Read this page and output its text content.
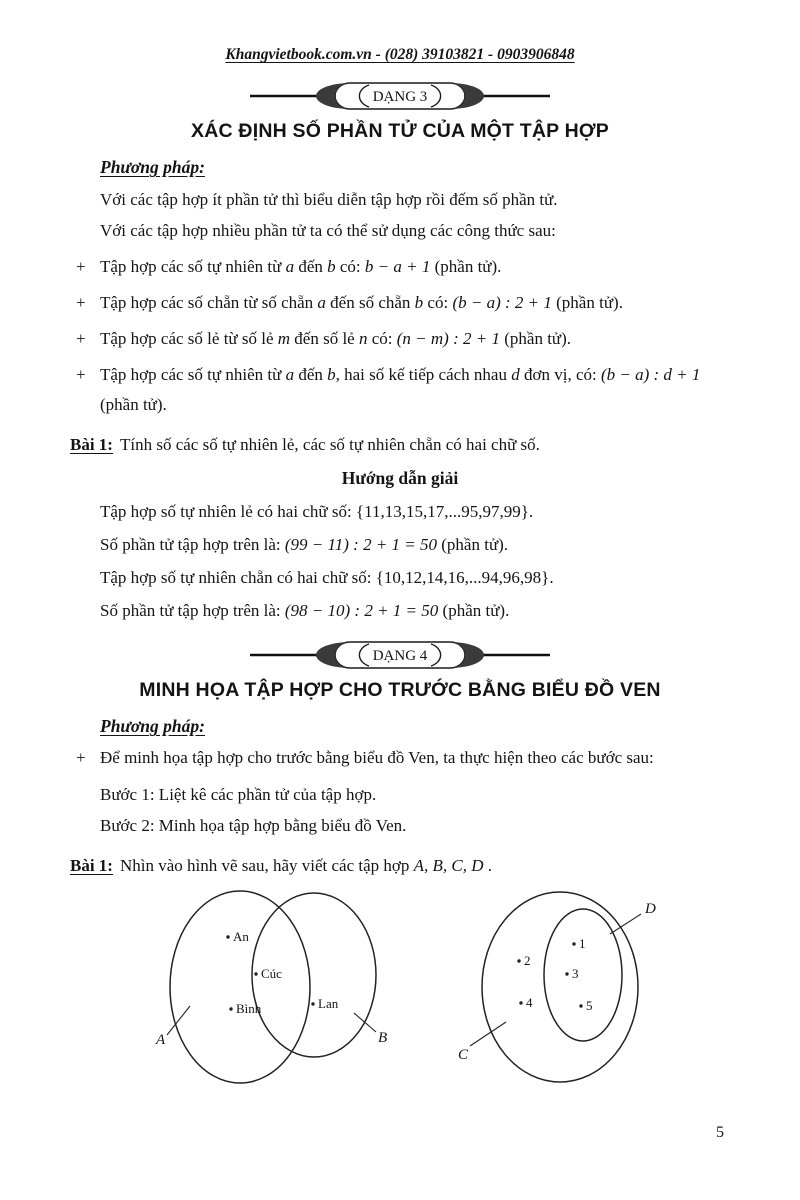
Khangvietbook.com.vn - (028) 39103821 - 0903906848
DẠNG 3
XÁC ĐỊNH SỐ PHẦN TỬ CỦA MỘT TẬP HỢP
Phương pháp:
Với các tập hợp ít phần tử thì biểu diễn tập hợp rồi đếm số phần tử.
Với các tập hợp nhiều phần tử ta có thể sử dụng các công thức sau:
+ Tập hợp các số tự nhiên từ a đến b có: b − a + 1 (phần tử).
+ Tập hợp các số chẵn từ số chẵn a đến số chẵn b có: (b − a) : 2 + 1 (phần tử).
+ Tập hợp các số lẻ từ số lẻ m đến số lẻ n có: (n − m) : 2 + 1 (phần tử).
+ Tập hợp các số tự nhiên từ a đến b, hai số kế tiếp cách nhau d đơn vị, có: (b − a) : d + 1 (phần tử).
Bài 1: Tính số các số tự nhiên lẻ, các số tự nhiên chẵn có hai chữ số.
Hướng dẫn giải
Tập hợp số tự nhiên lẻ có hai chữ số: {11,13,15,17,...95,97,99}.
Số phần tử tập hợp trên là: (99 − 11) : 2 + 1 = 50 (phần tử).
Tập hợp số tự nhiên chẵn có hai chữ số: {10,12,14,16,...94,96,98}.
Số phần tử tập hợp trên là: (98 − 10) : 2 + 1 = 50 (phần tử).
DẠNG 4
MINH HỌA TẬP HỢP CHO TRƯỚC BẰNG BIỂU ĐỒ VEN
Phương pháp:
+ Để minh họa tập hợp cho trước bằng biểu đồ Ven, ta thực hiện theo các bước sau:
Bước 1: Liệt kê các phần tử của tập hợp.
Bước 2: Minh họa tập hợp bằng biểu đồ Ven.
Bài 1: Nhìn vào hình vẽ sau, hãy viết các tập hợp A, B, C, D .
A	B
An
Cúc
Bình	Lan
D
C
1
2
3
4	5
5
